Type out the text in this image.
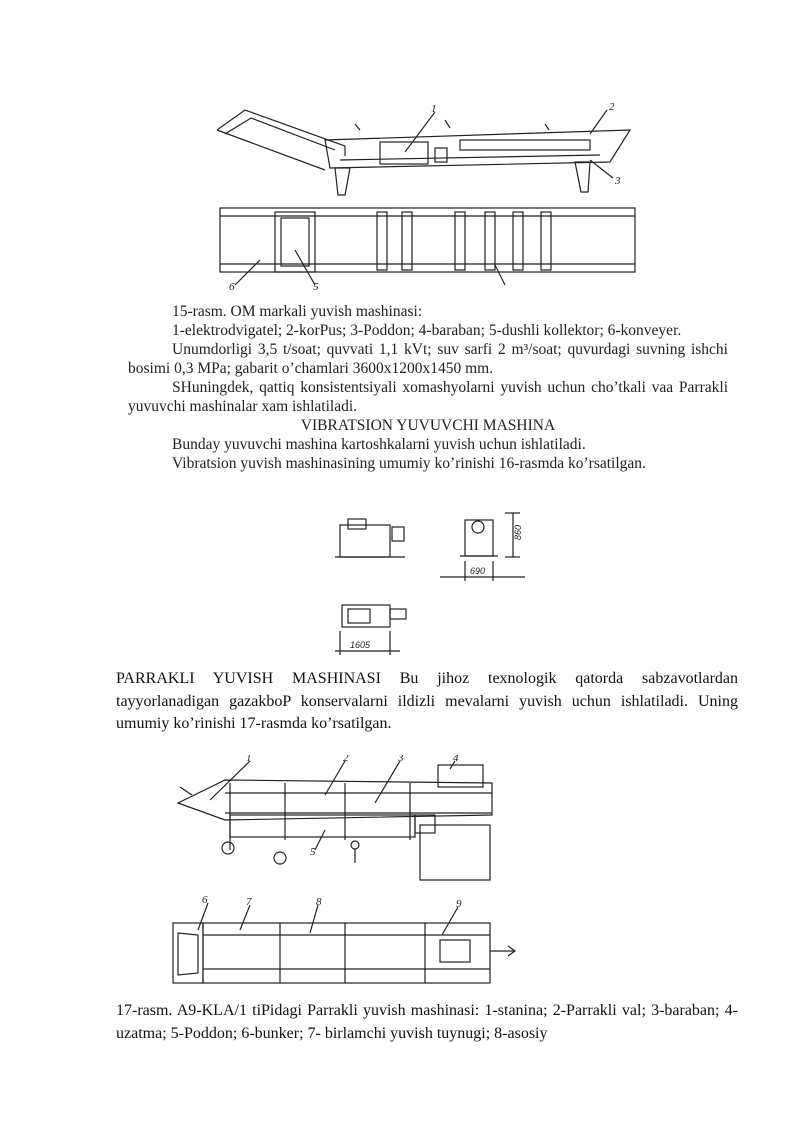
1	2
3
6	5

15-rasm. OM markali yuvish mashinasi:

1-elektrodvigatel; 2-korPus; 3-Poddon; 4-baraban; 5-dushli kollektor; 6-konveyer.

Unumdorligi 3,5 t/soat; quvvati 1,1 kVt; suv sarfi 2 m³/soat; quvurdagi suvning ishchi bosimi 0,3 MPa; gabarit o’chamlari 3600x1200x1450 mm.

SHuningdek, qattiq konsistentsiyali xomashyolarni yuvish uchun cho’tkali vaa Parrakli yuvuvchi mashinalar xam ishlatiladi.

VIBRATSION YUVUVCHI MASHINA

Bunday yuvuvchi mashina kartoshkalarni yuvish uchun ishlatiladi.

Vibratsion yuvish mashinasining umumiy ko’rinishi 16-rasmda ko’rsatilgan.

860
690
1605

PARRAKLI YUVISH MASHINASI Bu jihoz texnologik qatorda sabzavotlardan tayyorlanadigan gazakboP konservalarni ildizli mevalarni yuvish uchun ishlatiladi. Uning umumiy ko’rinishi 17-rasmda ko’rsatilgan.

1	2	3	4
5
6	7	8	9

17-rasm. A9-KLA/1 tiPidagi Parrakli yuvish mashinasi: 1-stanina; 2-Parrakli val; 3-baraban; 4-uzatma; 5-Poddon; 6-bunker; 7- birlamchi yuvish tuynugi; 8-asosiy
